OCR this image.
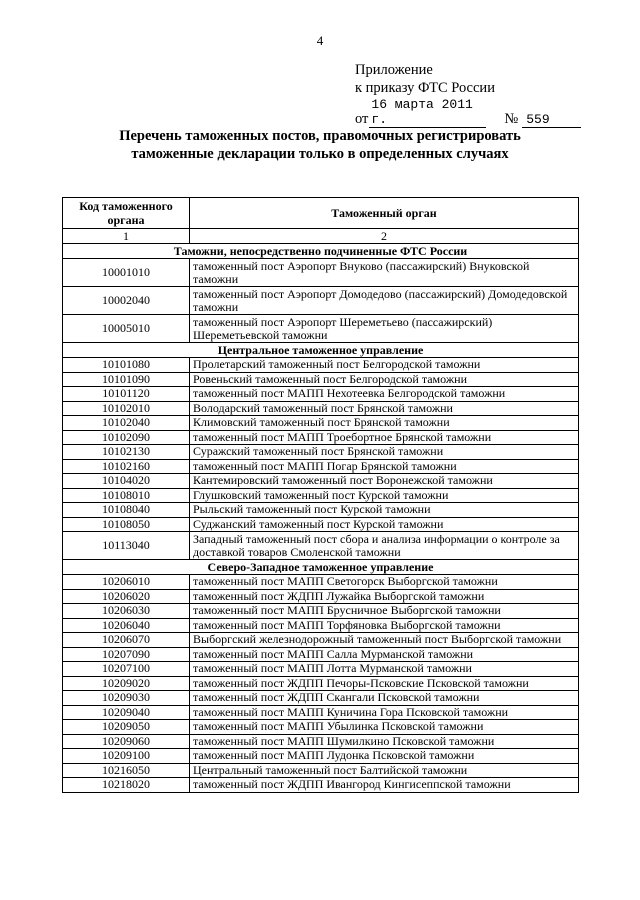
4
Приложение
к приказу ФТС России
от16 марта 2011 г.	№ 559
Перечень таможенных постов, правомочных регистрировать
таможенные декларации только в определенных случаях
Код таможенного органа	Таможенный орган
1	2
Таможни, непосредственно подчиненные ФТС России	
10001010	таможенный пост Аэропорт Внуково (пассажирский) Внуковской таможни
10002040	таможенный пост Аэропорт Домодедово (пассажирский) Домодедовской таможни
10005010	таможенный пост Аэропорт Шереметьево (пассажирский) Шереметьевской таможни
Центральное таможенное управление	
10101080	Пролетарский таможенный пост Белгородской таможни
10101090	Ровеньский таможенный пост Белгородской таможни
10101120	таможенный пост МАПП Нехотеевка Белгородской таможни
10102010	Володарский таможенный пост Брянской таможни
10102040	Климовский таможенный пост Брянской таможни
10102090	таможенный пост МАПП Троебортное Брянской таможни
10102130	Суражский таможенный пост Брянской таможни
10102160	таможенный пост МАПП Погар Брянской таможни
10104020	Кантемировский таможенный пост Воронежской таможни
10108010	Глушковский таможенный пост Курской таможни
10108040	Рыльский таможенный пост Курской таможни
10108050	Суджанский таможенный пост Курской таможни
10113040	Западный таможенный пост сбора и анализа информации о контроле за доставкой товаров Смоленской таможни
Северо-Западное таможенное управление	
10206010	таможенный пост МАПП Светогорск Выборгской таможни
10206020	таможенный пост ЖДПП Лужайка Выборгской таможни
10206030	таможенный пост МАПП Брусничное Выборгской таможни
10206040	таможенный пост МАПП Торфяновка Выборгской таможни
10206070	Выборгский железнодорожный таможенный пост Выборгской таможни
10207090	таможенный пост МАПП Салла Мурманской таможни
10207100	таможенный пост МАПП Лотта Мурманской таможни
10209020	таможенный пост ЖДПП Печоры-Псковские Псковской таможни
10209030	таможенный пост ЖДПП Скангали Псковской таможни
10209040	таможенный пост МАПП Куничина Гора Псковской таможни
10209050	таможенный пост МАПП Убылинка Псковской таможни
10209060	таможенный пост МАПП Шумилкино Псковской таможни
10209100	таможенный пост МАПП Лудонка Псковской таможни
10216050	Центральный таможенный пост Балтийской таможни
10218020	таможенный пост ЖДПП Ивангород Кингисеппской таможни
